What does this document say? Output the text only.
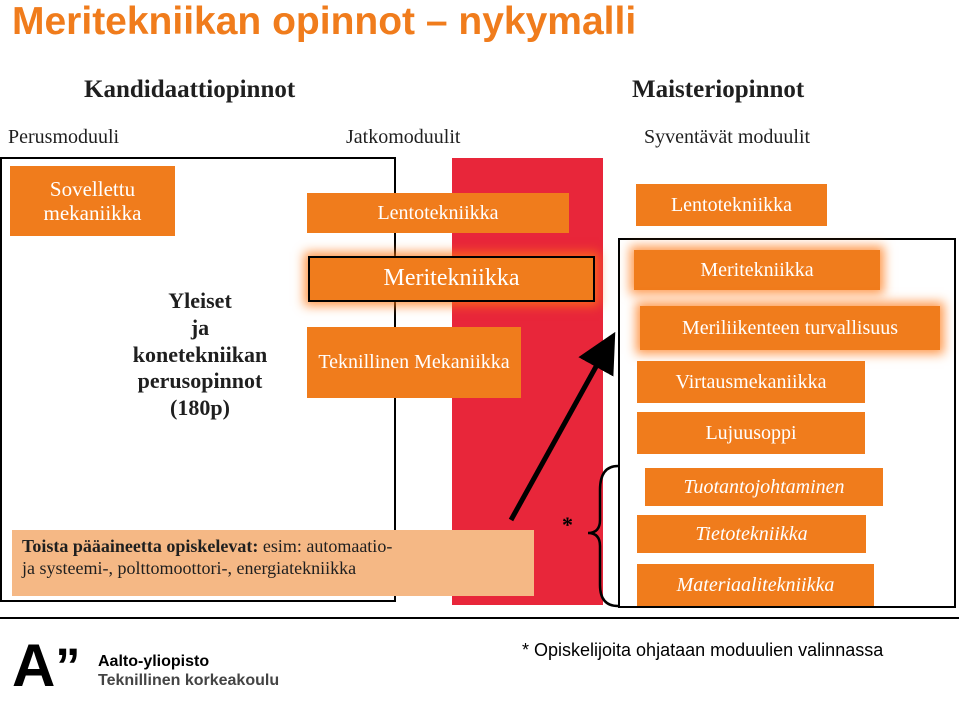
Meritekniikan opinnot – nykymalli
Kandidaattiopinnot	Maisteriopinnot
Perusmoduuli	Jatkomoduulit	Syventävät moduulit
Sovellettu mekaniikka	Lentotekniikka
Meritekniikka
Teknillinen Mekaniikka
Yleiset
ja
konetekniikan
perusopinnot
(180p)
Toista pääaineetta opiskelevat: esim: automaatio-
ja systeemi-, polttomoottori-, energiatekniikka
Lentotekniikka
Meritekniikka
Meriliikenteen turvallisuus
Virtausmekaniikka
Lujuusoppi
Tuotantojohtaminen
Tietotekniikka
Materiaalitekniikka
*
A” Aalto-yliopisto
Teknillinen korkeakoulu
* Opiskelijoita ohjataan moduulien valinnassa
